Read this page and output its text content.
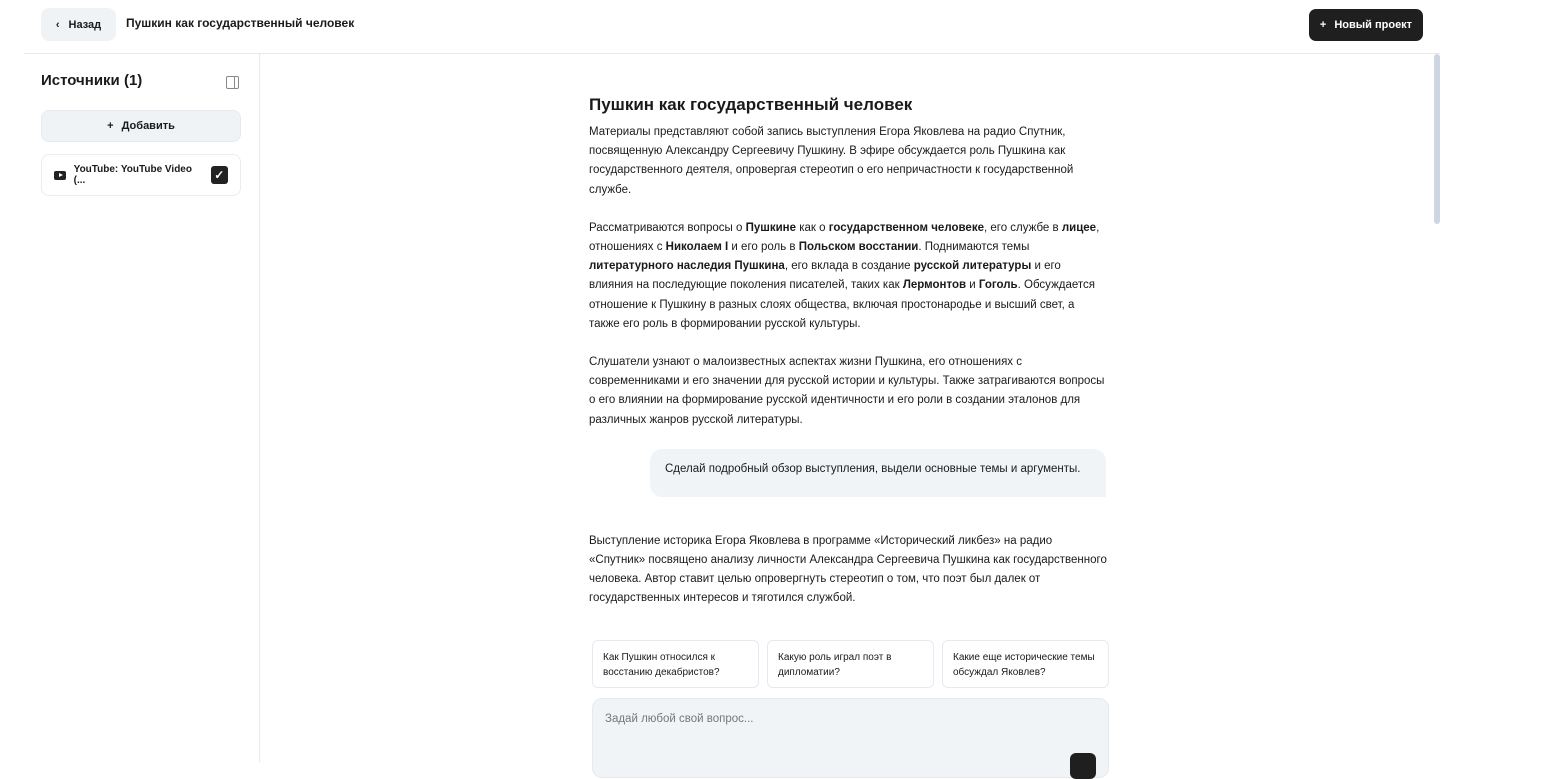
‹ Назад Пушкин как государственный человек	+ Новый проект
Источники (1)
+ Добавить
YouTube: YouTube Video (...	✓
Пушкин как государственный человек

Материалы представляют собой запись выступления Егора Яковлева на радио Спутник, посвященную Александру Сергеевичу Пушкину. В эфире обсуждается роль Пушкина как государственного деятеля, опровергая стереотип о его непричастности к государственной службе.

Рассматриваются вопросы о Пушкине как о государственном человеке, его службе в лицее, отношениях с Николаем I и его роль в Польском восстании. Поднимаются темы литературного наследия Пушкина, его вклада в создание русской литературы и его влияния на последующие поколения писателей, таких как Лермонтов и Гоголь. Обсуждается отношение к Пушкину в разных слоях общества, включая простонародье и высший свет, а также его роль в формировании русской культуры.

Слушатели узнают о малоизвестных аспектах жизни Пушкина, его отношениях с современниками и его значении для русской истории и культуры. Также затрагиваются вопросы о его влиянии на формирование русской идентичности и его роли в создании эталонов для различных жанров русской литературы.

Сделай подробный обзор выступления, выдели основные темы и аргументы.

Выступление историка Егора Яковлева в программе «Исторический ликбез» на радио «Спутник» посвящено анализу личности Александра Сергеевича Пушкина как государственного человека. Автор ставит целью опровергнуть стереотип о том, что поэт был далек от государственных интересов и тяготился службой.

Как Пушкин относился к восстанию декабристов?
Какую роль играл поэт в дипломатии?
Какие еще исторические темы обсуждал Яковлев?
Задай любой свой вопрос...
